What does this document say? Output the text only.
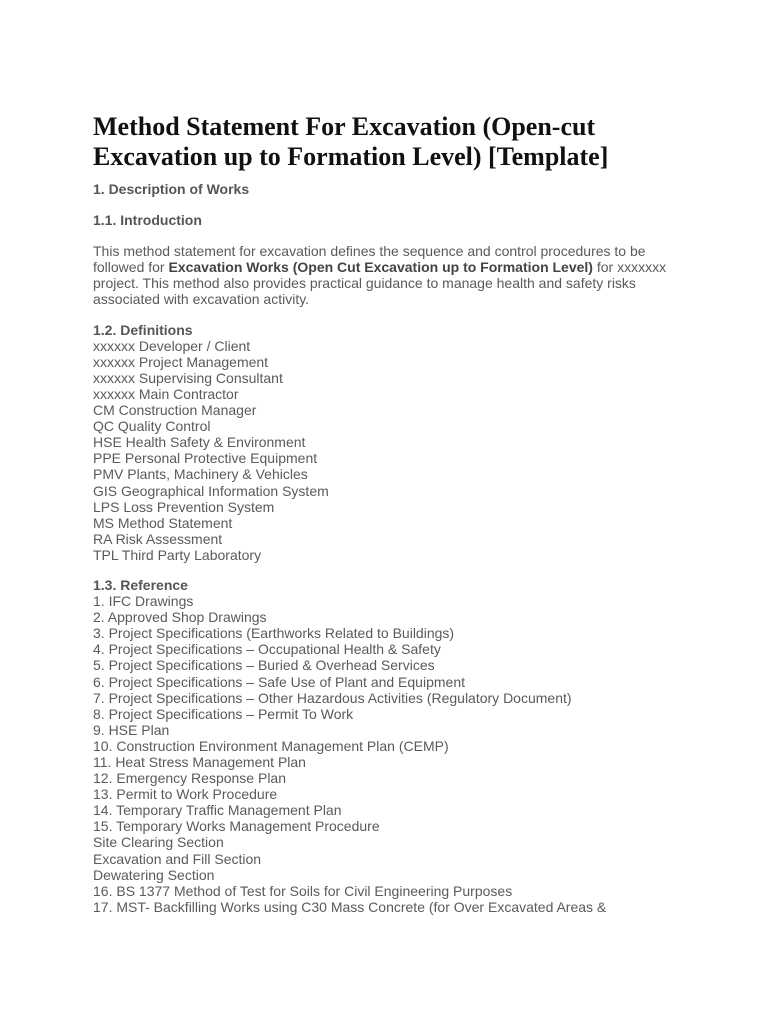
Method Statement For Excavation (Open-cut Excavation up to Formation Level) [Template]
1. Description of Works
1.1. Introduction
This method statement for excavation defines the sequence and control procedures to be followed for Excavation Works (Open Cut Excavation up to Formation Level) for xxxxxxx project. This method also provides practical guidance to manage health and safety risks associated with excavation activity.
1.2. Definitions
xxxxxx Developer / Client
xxxxxx Project Management
xxxxxx Supervising Consultant
xxxxxx Main Contractor
CM Construction Manager
QC Quality Control
HSE Health Safety & Environment
PPE Personal Protective Equipment
PMV Plants, Machinery & Vehicles
GIS Geographical Information System
LPS Loss Prevention System
MS Method Statement
RA Risk Assessment
TPL Third Party Laboratory
1.3. Reference
1. IFC Drawings
2. Approved Shop Drawings
3. Project Specifications (Earthworks Related to Buildings)
4. Project Specifications – Occupational Health & Safety
5. Project Specifications – Buried & Overhead Services
6. Project Specifications – Safe Use of Plant and Equipment
7. Project Specifications – Other Hazardous Activities (Regulatory Document)
8. Project Specifications – Permit To Work
9. HSE Plan
10. Construction Environment Management Plan (CEMP)
11. Heat Stress Management Plan
12. Emergency Response Plan
13. Permit to Work Procedure
14. Temporary Traffic Management Plan
15. Temporary Works Management Procedure
Site Clearing Section
Excavation and Fill Section
Dewatering Section
16. BS 1377 Method of Test for Soils for Civil Engineering Purposes
17. MST- Backfilling Works using C30 Mass Concrete (for Over Excavated Areas &
